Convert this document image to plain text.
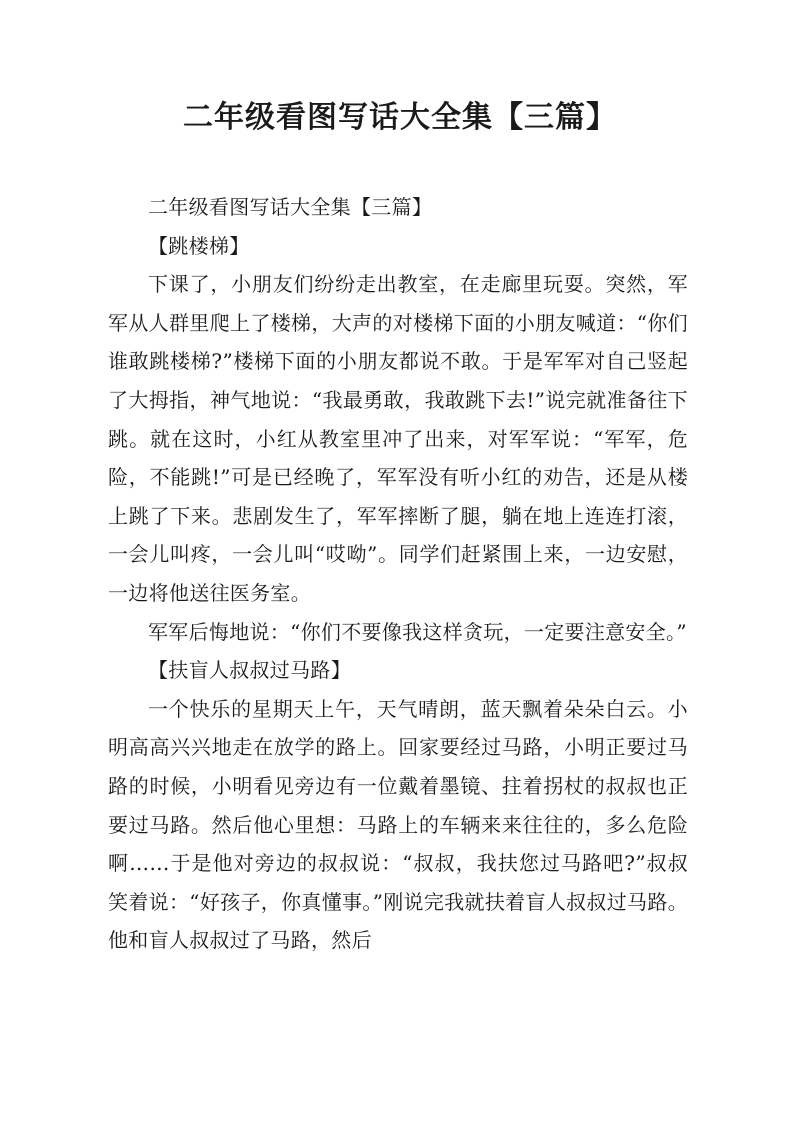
二年级看图写话大全集【三篇】

二年级看图写话大全集【三篇】

【跳楼梯】

下课了，小朋友们纷纷走出教室，在走廊里玩耍。突然，军军从人群里爬上了楼梯，大声的对楼梯下面的小朋友喊道：“你们谁敢跳楼梯?”楼梯下面的小朋友都说不敢。于是军军对自己竖起了大拇指，神气地说：“我最勇敢，我敢跳下去!”说完就准备往下跳。就在这时，小红从教室里冲了出来，对军军说：“军军，危险，不能跳!”可是已经晚了，军军没有听小红的劝告，还是从楼上跳了下来。悲剧发生了，军军摔断了腿，躺在地上连连打滚，一会儿叫疼，一会儿叫“哎呦”。同学们赶紧围上来，一边安慰，一边将他送往医务室。

军军后悔地说：“你们不要像我这样贪玩，一定要注意安全。”

【扶盲人叔叔过马路】

一个快乐的星期天上午，天气晴朗，蓝天飘着朵朵白云。小明高高兴兴地走在放学的路上。回家要经过马路，小明正要过马路的时候，小明看见旁边有一位戴着墨镜、拄着拐杖的叔叔也正要过马路。然后他心里想：马路上的车辆来来往往的，多么危险啊……于是他对旁边的叔叔说：“叔叔，我扶您过马路吧?”叔叔笑着说：“好孩子，你真懂事。”刚说完我就扶着盲人叔叔过马路。他和盲人叔叔过了马路，然后
